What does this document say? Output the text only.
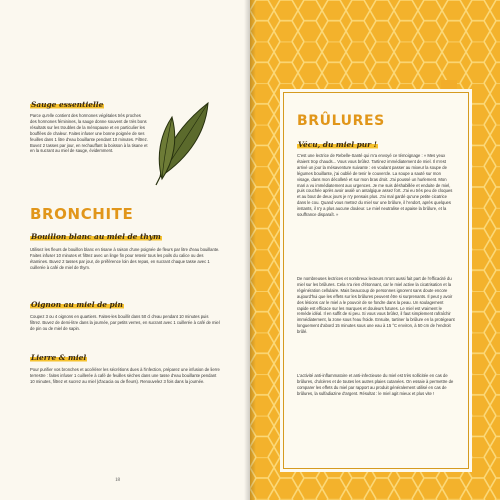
Sauge essentielle

Parce qu'elle contient des hormones végétales très proches des hormones féminines, la sauge donne souvent de très bons résultats sur les troubles de la ménopause et en particulier les bouffées de chaleur. Faites infuser une bonne poignée de ses feuilles dans 1 litre d'eau bouillante pendant 10 minutes. Filtrez. Buvez 2 tasses par jour, en rechauffant la boisson à la tisane et en la sucrant au miel de sauge, évidemment.

BRONCHITE
Bouillon blanc au miel de thym

Utilisez les fleurs de bouillon blanc en tisane à raison d'une poignée de fleurs par litre d'eau bouillante. Faites infuser 10 minutes et filtrez avec un linge fin pour retenir tous les poils du calice ou des étamines. Buvez 2 tasses par jour, de préférence loin des repas, en sucrant chaque tasse avec 1 cuillerée à café de miel de thym.

Oignon au miel de pin

Coupez 3 ou 4 oignons en quartiers. Faites-les bouillir dans 50 cl d'eau pendant 10 minutes puis filtrez. Buvez de demi-litre dans la journée, par petits verres, en sucrant avec 1 cuillerée à café de miel de pin ou de miel de sapin.

Lierre & miel

Pour purifier vos bronches et accélérer les sécrétions dues à l'infection, préparez une infusion de lierre terrestre : faites infuser 1 cuillerée à café de feuilles sèches dans une tasse d'eau bouillante pendant 10 minutes, filtrez et sucrez au miel (d'acacia ou de fleurs). Renouvelez 3 fois dans la journée.

18
BRÛLURES
Vécu, du miel pur !

C'est une lectrice de Rebelle-Santé qui m'a envoyé ce témoignage : « Mes yeux étaient trop chauds... Vous vous brûlez. Tartinez immédiatement de miel. Il m'est arrivé un jour la mésaventure suivante : en voulant passer au mixeur la soupe de légumes bouillante, j'ai oublié de tenir le couvercle. La soupe a sauté sur mon visage, dans mon décolleté et sur mon bras droit. J'ai poussé un hurlement. Mon mari a vu immédiatement aux urgences. Je me suis déshabillée et enduite de miel, puis couchée après avoir avalé un antalgique assez fort. J'ai eu très peu de cloques et au bout de deux jours je n'y pensais plus. J'ai mal gardé qu'une petite cicatrice dans le cou. Quand vous mettez du miel sur une brûlure, il l'endort, après quelques instants, il n'y a plus aucune douleur. Le miel neutralise et apaise la brûlure, et la souffrance disparaît. »

De nombreuses lectrices et nombreux lecteurs m'ont aussi fait part de l'efficacité du miel sur les brûlures. Cela n'a rien d'étonnant, car le miel active la cicatrisation et la régénération cellulaire. Mais beaucoup de personnes ignorent sans doute encore aujourd'hui que les effets sur les brûlures peuvent être si surprenants. Il peut y avoir des lésions car le miel a le pouvoir de se fondre dans la peau. Un soulagement rapide est efficace sur les marques et douleurs futures. Le miel est vraiment le remède idéal. Il en suffit de si peu. Si vous vous brûlez, il faut simplement rafraîchir immédiatement, la zone sous l'eau froide. Ensuite, tartiner la brûlure en la protégeant longuement d'abord 15 minutes sous une eau à 15 °C environ, à 50 cm de l'endroit brûlé.

L'activité anti-inflammatoire et anti-infectieuse du miel est très sollicitée en cas de brûlures, d'ulcères et de toutes les autres plaies cutanées. On essaie à permettre de comparer les effets du miel par rapport au produit généralement utilisé en cas de brûlures, la sulfadiazine d'argent. Résultat : le miel agit mieux et plus vite !
